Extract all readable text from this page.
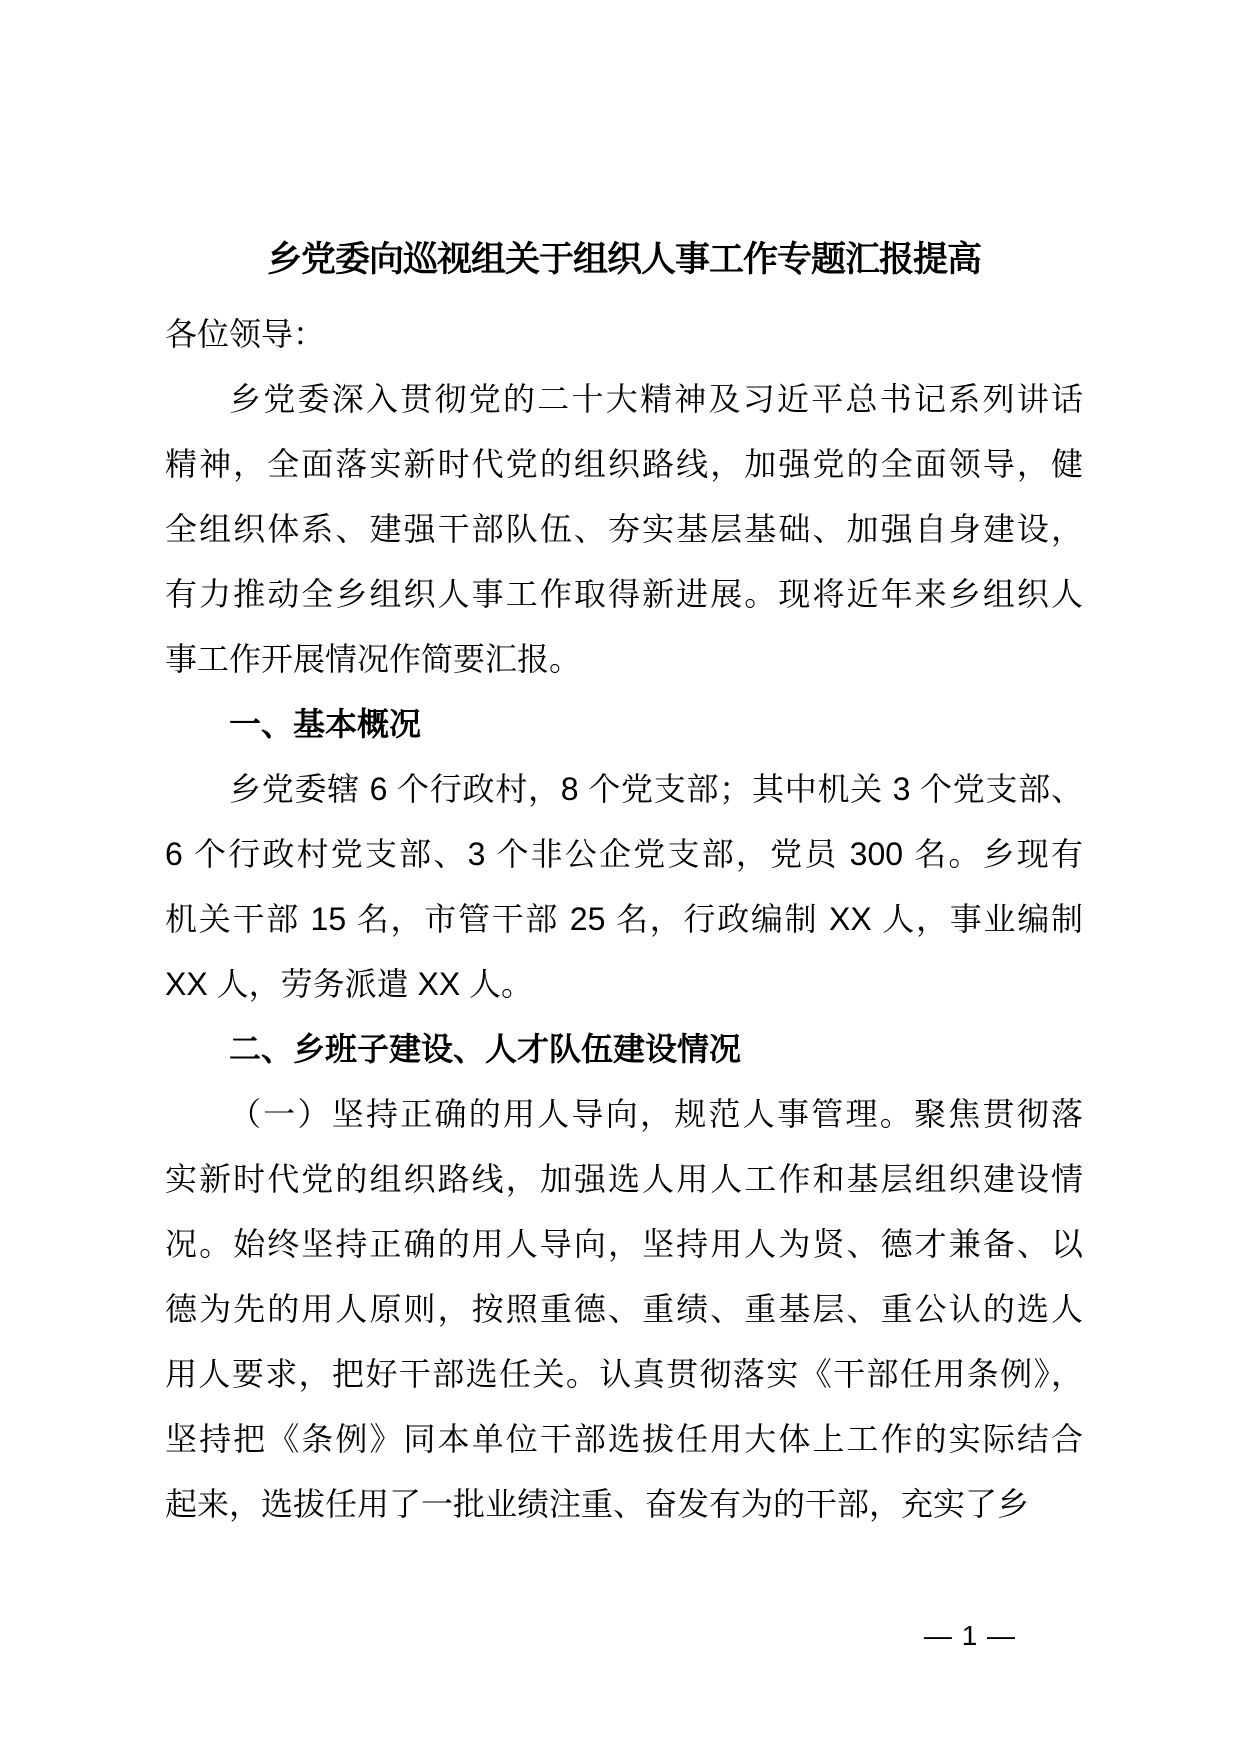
乡党委向巡视组关于组织人事工作专题汇报提高
各位领导：
乡党委深入贯彻党的二十大精神及习近平总书记系列讲话
精神，全面落实新时代党的组织路线，加强党的全面领导，健
全组织体系、建强干部队伍、夯实基层基础、加强自身建设，
有力推动全乡组织人事工作取得新进展。现将近年来乡组织人
事工作开展情况作简要汇报。
一、基本概况
乡党委辖 6 个行政村，8 个党支部；其中机关 3 个党支部、
6 个行政村党支部、3 个非公企党支部，党员 300 名。乡现有
机关干部 15 名，市管干部 25 名，行政编制 XX 人，事业编制
XX 人，劳务派遣 XX 人。
二、乡班子建设、人才队伍建设情况
（一）坚持正确的用人导向，规范人事管理。聚焦贯彻落
实新时代党的组织路线，加强选人用人工作和基层组织建设情
况。始终坚持正确的用人导向，坚持用人为贤、德才兼备、以
德为先的用人原则，按照重德、重绩、重基层、重公认的选人
用人要求，把好干部选任关。认真贯彻落实《干部任用条例》，
坚持把《条例》同本单位干部选拔任用大体上工作的实际结合
起来，选拔任用了一批业绩注重、奋发有为的干部，充实了乡
— 1 —
